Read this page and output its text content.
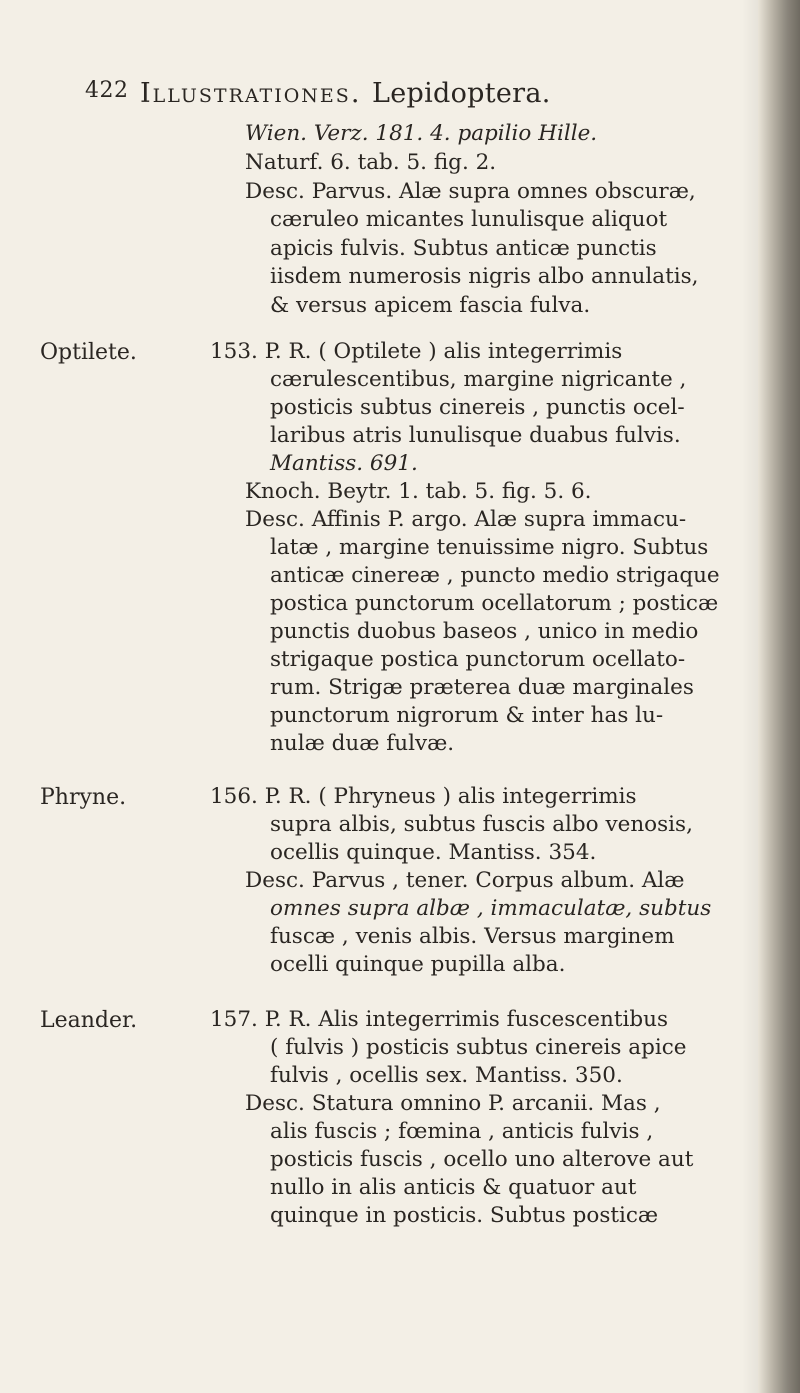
422 Illustrationes. Lepidoptera.
Wien. Verz. 181. 4. papilio Hille.
Naturf. 6. tab. 5. fig. 2.
Desc. Parvus. Alæ supra omnes obscuræ,
cæruleo micantes lunulisque aliquot
apicis fulvis. Subtus anticæ punctis
iisdem numerosis nigris albo annulatis,
& versus apicem fascia fulva.
Optilete.	153. P. R. ( Optilete ) alis integerrimis
cærulescentibus, margine nigricante ,
posticis subtus cinereis , punctis ocel-
laribus atris lunulisque duabus fulvis.
Mantiss. 691.
Knoch. Beytr. 1. tab. 5. fig. 5. 6.
Desc. Affinis P. argo. Alæ supra immacu-
latæ , margine tenuissime nigro. Subtus
anticæ cinereæ , puncto medio strigaque
postica punctorum ocellatorum ; posticæ
punctis duobus baseos , unico in medio
strigaque postica punctorum ocellato-
rum. Strigæ præterea duæ marginales
punctorum nigrorum & inter has lu-
nulæ duæ fulvæ.
Phryne.	156. P. R. ( Phryneus ) alis integerrimis
supra albis, subtus fuscis albo venosis,
ocellis quinque. Mantiss. 354.
Desc. Parvus , tener. Corpus album. Alæ
omnes supra albæ , immaculatæ, subtus
fuscæ , venis albis. Versus marginem
ocelli quinque pupilla alba.
Leander.	157. P. R. Alis integerrimis fuscescentibus
( fulvis ) posticis subtus cinereis apice
fulvis , ocellis sex. Mantiss. 350.
Desc. Statura omnino P. arcanii. Mas ,
alis fuscis ; fœmina , anticis fulvis ,
posticis fuscis , ocello uno alterove aut
nullo in alis anticis & quatuor aut
quinque in posticis. Subtus posticæ
